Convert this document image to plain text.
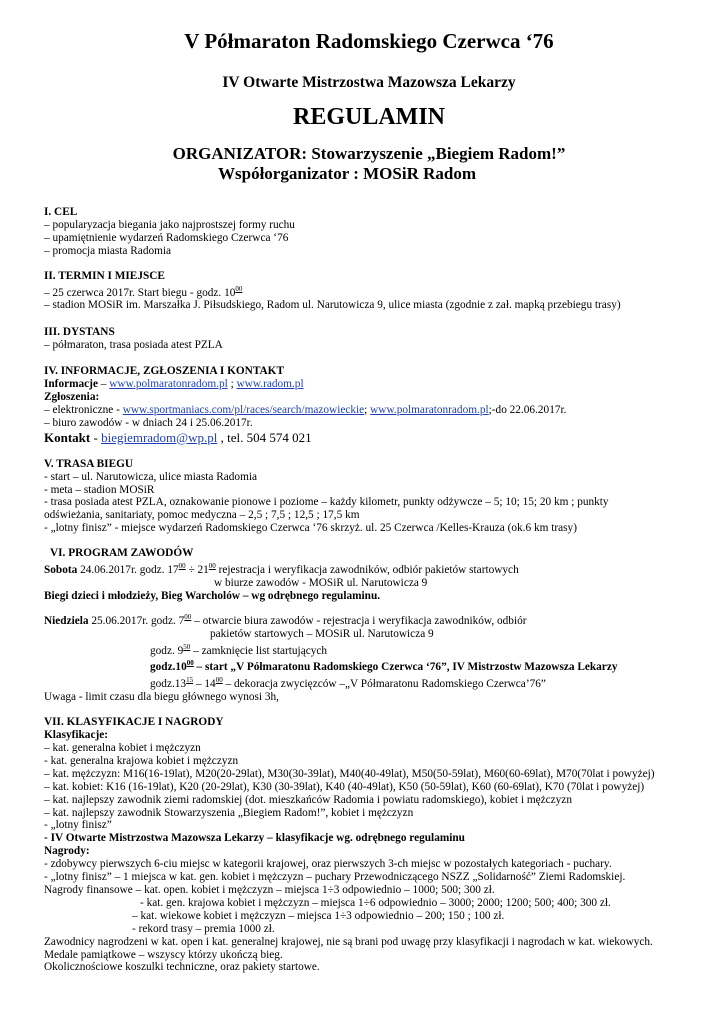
V Półmaraton Radomskiego Czerwca ‘76
IV Otwarte Mistrzostwa Mazowsza Lekarzy
REGULAMIN
ORGANIZATOR: Stowarzyszenie „Biegiem Radom!”
Współorganizator : MOSiR Radom
I. CEL
– popularyzacja biegania jako najprostszej formy ruchu
– upamiętnienie wydarzeń Radomskiego Czerwca ‘76
– promocja miasta Radomia
II. TERMIN I MIEJSCE
– 25 czerwca 2017r. Start biegu - godz. $10^{00}$
– stadion MOSiR im. Marszałka J. Piłsudskiego, Radom ul. Narutowicza 9, ulice miasta (zgodnie z zał. mapką przebiegu trasy)
III. DYSTANS
– półmaraton, trasa posiada atest PZLA
IV. INFORMACJE, ZGŁOSZENIA I KONTAKT
Informacje – www.polmaratonradom.pl ; www.radom.pl
Zgłoszenia:
– elektroniczne - www.sportmaniacs.com/pl/races/search/mazowieckie; www.polmaratonradom.pl;-do 22.06.2017r.
– biuro zawodów - w dniach 24 i 25.06.2017r.
Kontakt - biegiemradom@wp.pl , tel. 504 574 021
V. TRASA BIEGU
- start – ul. Narutowicza, ulice miasta Radomia
- meta – stadion MOSiR
- trasa posiada atest PZLA, oznakowanie pionowe i poziome – każdy kilometr, punkty odżywcze – 5; 10; 15; 20 km ; punkty
odświeżania, sanitariaty, pomoc medyczna – 2,5 ; 7,5 ; 12,5 ; 17,5 km
- „lotny finisz” - miejsce wydarzeń Radomskiego Czerwca ‘76 skrzyż. ul. 25 Czerwca /Kelles-Krauza (ok.6 km trasy)
VI. PROGRAM ZAWODÓW
Sobota 24.06.2017r. godz. $17^{00} \div 21^{00}$ rejestracja i weryfikacja zawodników, odbiór pakietów startowych
w biurze zawodów - MOSiR ul. Narutowicza 9
Biegi dzieci i młodzieży, Bieg Warcholów – wg odrębnego regulaminu.
Niedziela 25.06.2017r. godz. $7^{00}$ – otwarcie biura zawodów - rejestracja i weryfikacja zawodników, odbiór
pakietów startowych – MOSiR ul. Narutowicza 9
godz. $9^{50}$ – zamknięcie list startujących
$godz.10^{00}$ – start „V Półmaratonu Radomskiego Czerwca ‘76”, IV Mistrzostw Mazowsza Lekarzy
$godz.13^{15} - 14^{00}$ – dekoracja zwycięzców –„V Półmaratonu Radomskiego Czerwca’76”
Uwaga - limit czasu dla biegu głównego wynosi 3h,
VII. KLASYFIKACJE I NAGRODY
Klasyfikacje:
– kat. generalna kobiet i mężczyzn
- kat. generalna krajowa kobiet i mężczyzn
– kat. mężczyzn: M16(16-19lat), M20(20-29lat), M30(30-39lat), M40(40-49lat), M50(50-59lat), M60(60-69lat), M70(70lat i powyżej)
– kat. kobiet: K16 (16-19lat), K20 (20-29lat), K30 (30-39lat), K40 (40-49lat), K50 (50-59lat), K60 (60-69lat), K70 (70lat i powyżej)
– kat. najlepszy zawodnik ziemi radomskiej (dot. mieszkańców Radomia i powiatu radomskiego), kobiet i mężczyzn
– kat. najlepszy zawodnik Stowarzyszenia „Biegiem Radom!”, kobiet i mężczyzn
- „lotny finisz”
- IV Otwarte Mistrzostwa Mazowsza Lekarzy – klasyfikacje wg. odrębnego regulaminu
Nagrody:
- zdobywcy pierwszych 6-ciu miejsc w kategorii krajowej, oraz pierwszych 3-ch miejsc w pozostałych kategoriach - puchary.
- „lotny finisz” – 1 miejsca w kat. gen. kobiet i mężczyzn – puchary Przewodniczącego NSZZ „Solidarność” Ziemi Radomskiej.
Nagrody finansowe – kat. open. kobiet i mężczyzn – miejsca 1÷3 odpowiednio – 1000; 500; 300 zł.
- kat. gen. krajowa kobiet i mężczyzn – miejsca 1÷6 odpowiednio – 3000; 2000; 1200; 500; 400; 300 zł.
– kat. wiekowe kobiet i mężczyzn – miejsca 1÷3 odpowiednio – 200; 150 ; 100 zł.
- rekord trasy – premia 1000 zł.
Zawodnicy nagrodzeni w kat. open i kat. generalnej krajowej, nie są brani pod uwagę przy klasyfikacji i nagrodach w kat. wiekowych.
Medale pamiątkowe – wszyscy którzy ukończą bieg.
Okolicznościowe koszulki techniczne, oraz pakiety startowe.
